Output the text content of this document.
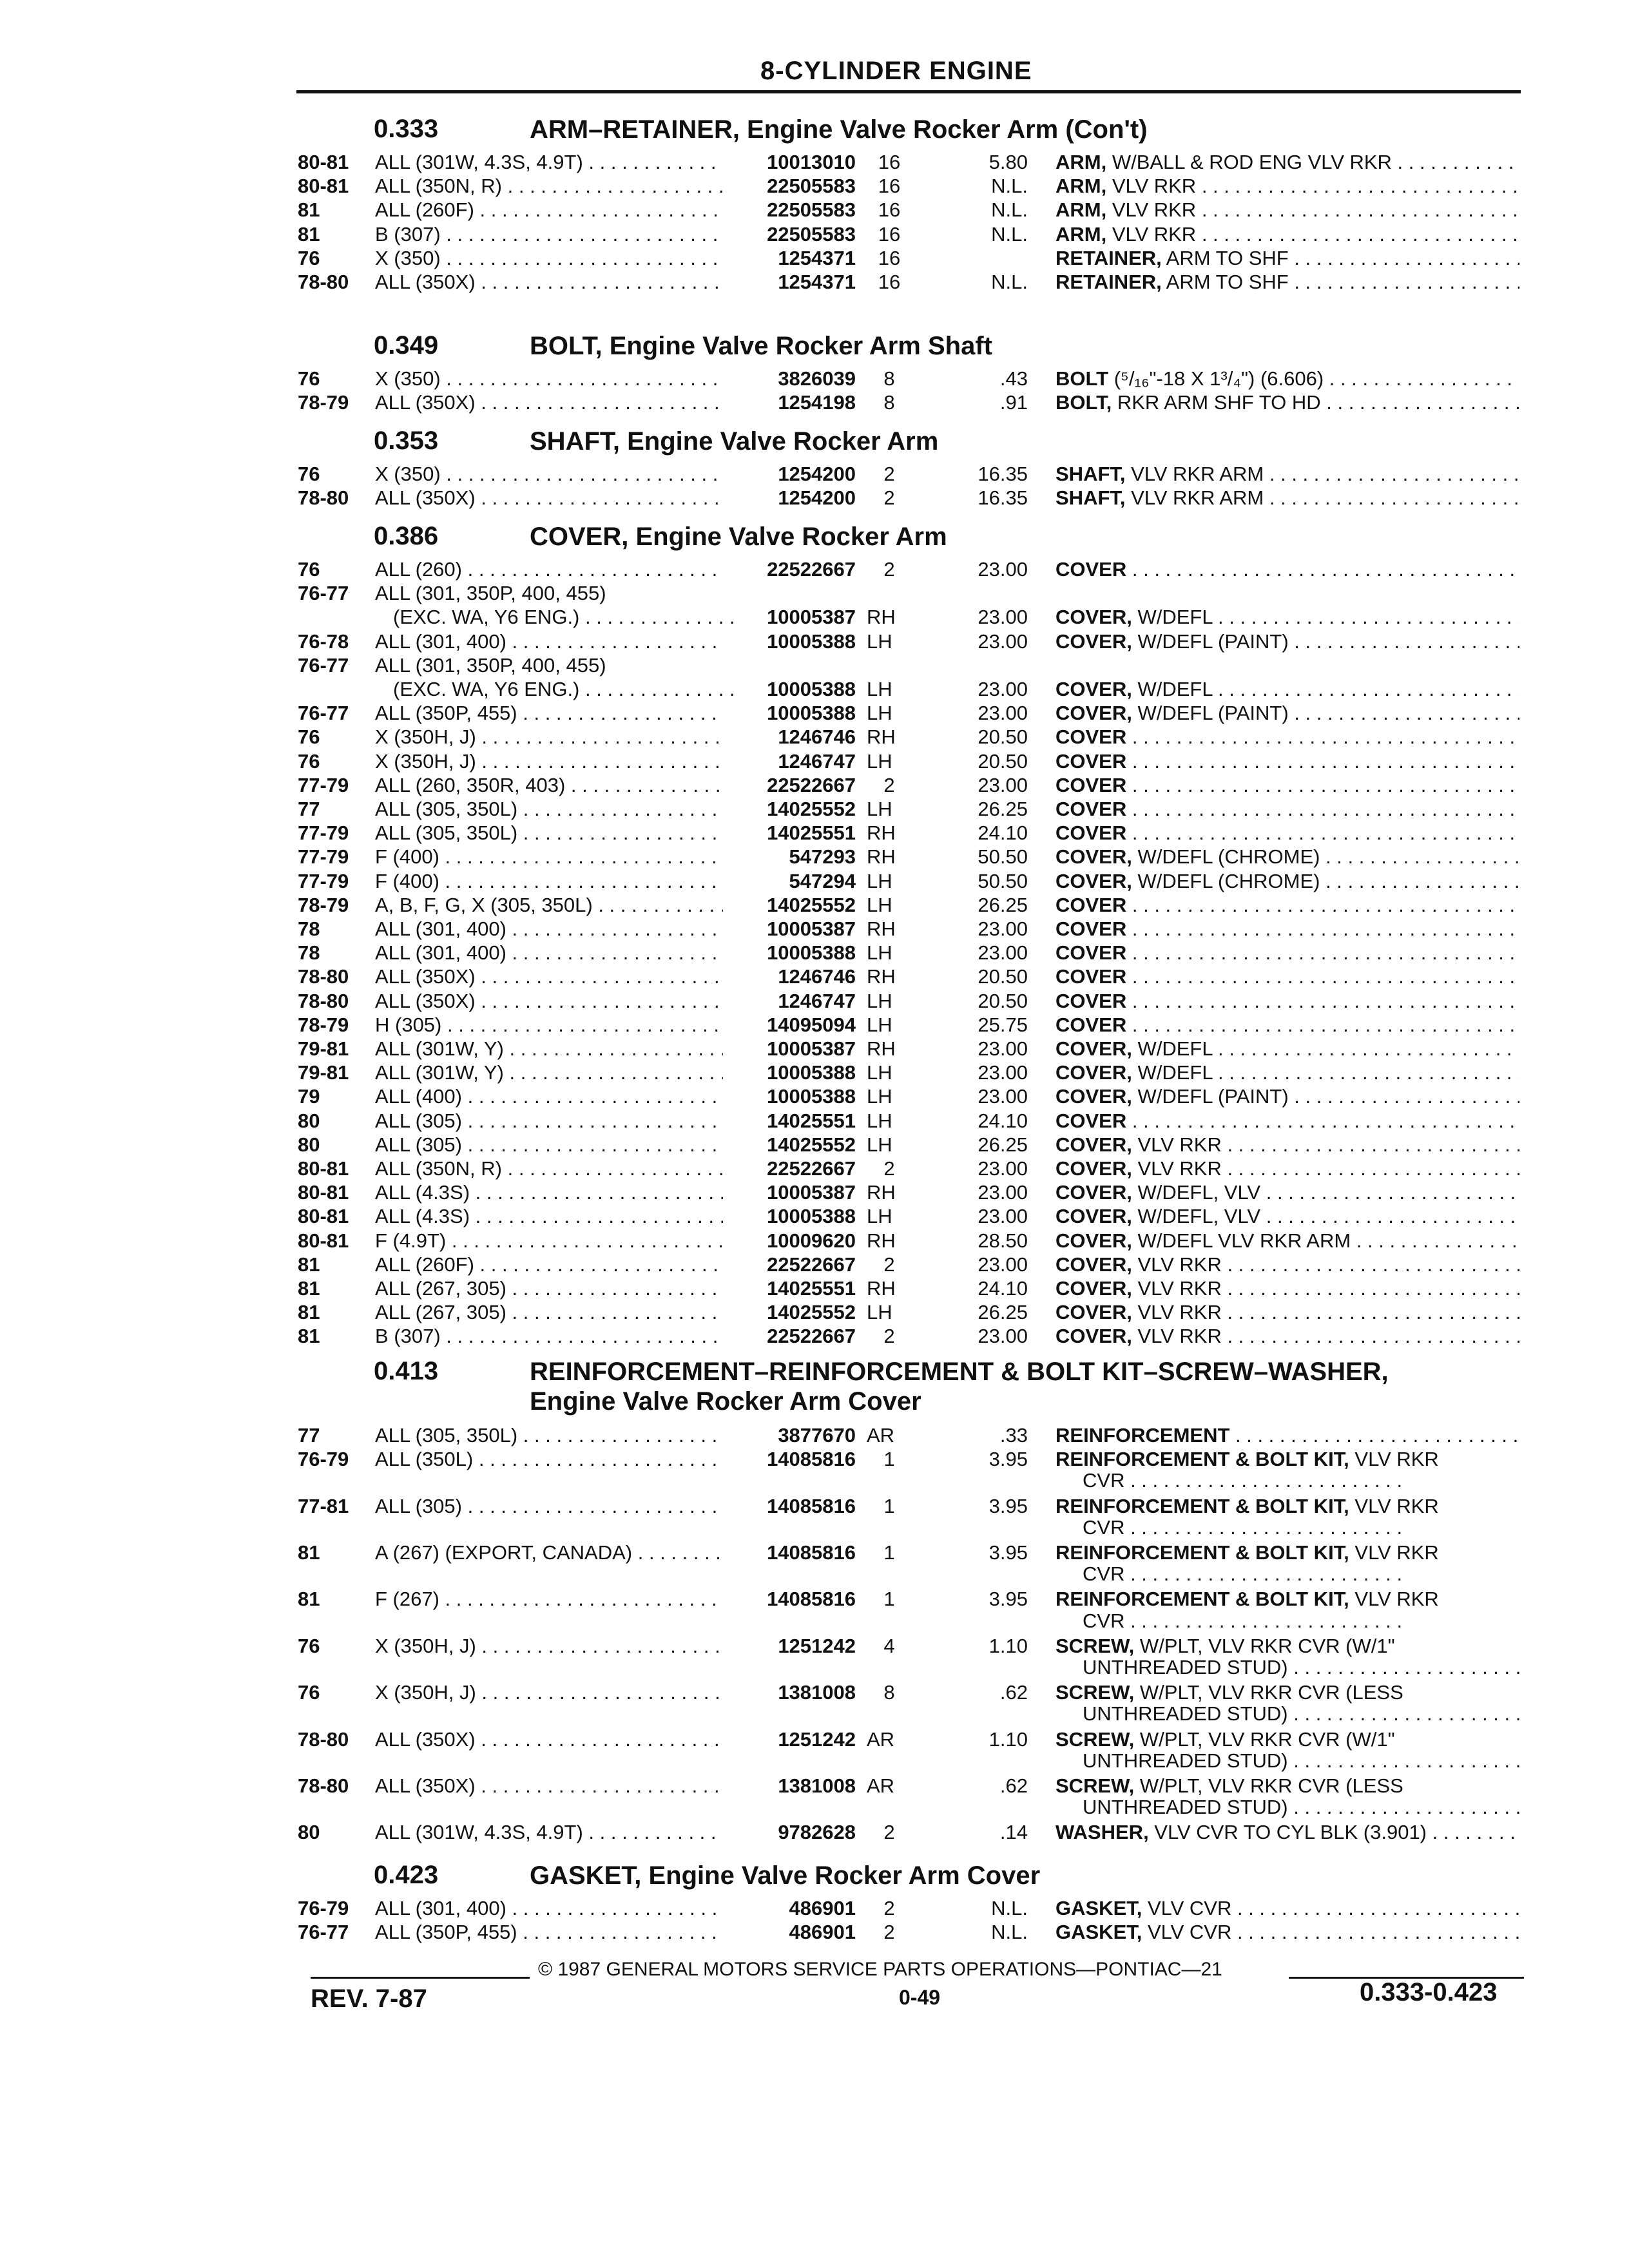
8-CYLINDER ENGINE
0.333	ARM–RETAINER, Engine Valve Rocker Arm (Con't)
80-81 ALL (301W, 4.3S, 4.9T) . . .	10013010	16	5.80 ARM, W/BALL & ROD ENG VLV RKR . . .
80-81 ALL (350N, R) . . .	22505583	16	N.L. ARM, VLV RKR . . .
81	ALL (260F) . . .	22505583	16	N.L. ARM, VLV RKR . . .
81	B (307) . . .	22505583	16	N.L. ARM, VLV RKR . . .
76	X (350) . . .	1254371	16	RETAINER, ARM TO SHF . . .
78-80 ALL (350X) . . .	1254371	16	N.L. RETAINER, ARM TO SHF . . .
0.349	BOLT, Engine Valve Rocker Arm Shaft
76	X (350) . . .	3826039	8	.43 BOLT (⁵/₁₆"-18 X 1³/₄") (6.606) . . .
78-79 ALL (350X) . . .	1254198	8	.91 BOLT, RKR ARM SHF TO HD . . .
0.353	SHAFT, Engine Valve Rocker Arm
76	X (350) . . .	1254200	2	16.35 SHAFT, VLV RKR ARM . . .
78-80 ALL (350X) . . .	1254200	2	16.35 SHAFT, VLV RKR ARM . . .
0.386	COVER, Engine Valve Rocker Arm
76	ALL (260) . . .	22522667	2	23.00 COVER . . .
76-77 ALL (301, 350P, 400, 455)
(EXC. WA, Y6 ENG.) . . .	10005387 RH	23.00 COVER, W/DEFL . . .
76-78 ALL (301, 400) . . .	10005388 LH	23.00 COVER, W/DEFL (PAINT) . . .
76-77 ALL (301, 350P, 400, 455)
(EXC. WA, Y6 ENG.) . . .	10005388 LH	23.00 COVER, W/DEFL . . .
76-77 ALL (350P, 455) . . .	10005388 LH	23.00 COVER, W/DEFL (PAINT) . . .
76	X (350H, J) . . .	1246746 RH	20.50 COVER . . .
76	X (350H, J) . . .	1246747 LH	20.50 COVER . . .
77-79 ALL (260, 350R, 403) . . .	22522667	2	23.00 COVER . . .
77	ALL (305, 350L) . . .	14025552 LH	26.25 COVER . . .
77-79 ALL (305, 350L) . . .	14025551 RH	24.10 COVER . . .
77-79 F (400) . . .	547293 RH	50.50 COVER, W/DEFL (CHROME) . . .
77-79 F (400) . . .	547294 LH	50.50 COVER, W/DEFL (CHROME) . . .
78-79 A, B, F, G, X (305, 350L) . . .	14025552 LH	26.25 COVER . . .
78	ALL (301, 400) . . .	10005387 RH	23.00 COVER . . .
78	ALL (301, 400) . . .	10005388 LH	23.00 COVER . . .
78-80 ALL (350X) . . .	1246746 RH	20.50 COVER . . .
78-80 ALL (350X) . . .	1246747 LH	20.50 COVER . . .
78-79 H (305) . . .	14095094 LH	25.75 COVER . . .
79-81 ALL (301W, Y) . . .	10005387 RH	23.00 COVER, W/DEFL . . .
79-81 ALL (301W, Y) . . .	10005388 LH	23.00 COVER, W/DEFL . . .
79	ALL (400) . . .	10005388 LH	23.00 COVER, W/DEFL (PAINT) . . .
80	ALL (305) . . .	14025551 LH	24.10 COVER . . .
80	ALL (305) . . .	14025552 LH	26.25 COVER, VLV RKR . . .
80-81 ALL (350N, R) . . .	22522667	2	23.00 COVER, VLV RKR . . .
80-81 ALL (4.3S) . . .	10005387 RH	23.00 COVER, W/DEFL, VLV . . .
80-81 ALL (4.3S) . . .	10005388 LH	23.00 COVER, W/DEFL, VLV . . .
80-81 F (4.9T) . . .	10009620 RH	28.50 COVER, W/DEFL VLV RKR ARM . . .
81	ALL (260F) . . .	22522667	2	23.00 COVER, VLV RKR . . .
81	ALL (267, 305) . . .	14025551 RH	24.10 COVER, VLV RKR . . .
81	ALL (267, 305) . . .	14025552 LH	26.25 COVER, VLV RKR . . .
81	B (307) . . .	22522667	2	23.00 COVER, VLV RKR . . .
0.413	REINFORCEMENT–REINFORCEMENT & BOLT KIT–SCREW–WASHER, Engine Valve Rocker Arm Cover
77	ALL (305, 350L) . . .	3877670 AR	.33 REINFORCEMENT . . .
76-79 ALL (350L) . . .	14085816	1	3.95 REINFORCEMENT & BOLT KIT, VLV RKR
CVR . . .
77-81 ALL (305) . . .	14085816	1	3.95 REINFORCEMENT & BOLT KIT, VLV RKR
CVR . . .
81	A (267) (EXPORT, CANADA) . . .	14085816	1	3.95 REINFORCEMENT & BOLT KIT, VLV RKR
CVR . . .
81	F (267) . . .	14085816	1	3.95 REINFORCEMENT & BOLT KIT, VLV RKR
CVR . . .
76	X (350H, J) . . .	1251242	4	1.10 SCREW, W/PLT, VLV RKR CVR (W/1"
UNTHREADED STUD) . . .
76	X (350H, J) . . .	1381008	8	.62 SCREW, W/PLT, VLV RKR CVR (LESS
UNTHREADED STUD) . . .
78-80 ALL (350X) . . .	1251242 AR	1.10 SCREW, W/PLT, VLV RKR CVR (W/1"
UNTHREADED STUD) . . .
78-80 ALL (350X) . . .	1381008 AR	.62 SCREW, W/PLT, VLV RKR CVR (LESS
UNTHREADED STUD) . . .
80	ALL (301W, 4.3S, 4.9T) . . .	9782628	2	.14 WASHER, VLV CVR TO CYL BLK (3.901) . . .
0.423	GASKET, Engine Valve Rocker Arm Cover
76-79 ALL (301, 400) . . .	486901	2	N.L. GASKET, VLV CVR . . .
76-77 ALL (350P, 455) . . .	486901	2	N.L. GASKET, VLV CVR . . .
© 1987 GENERAL MOTORS SERVICE PARTS OPERATIONS—PONTIAC—21
REV. 7-87	0-49	0.333-0.423
